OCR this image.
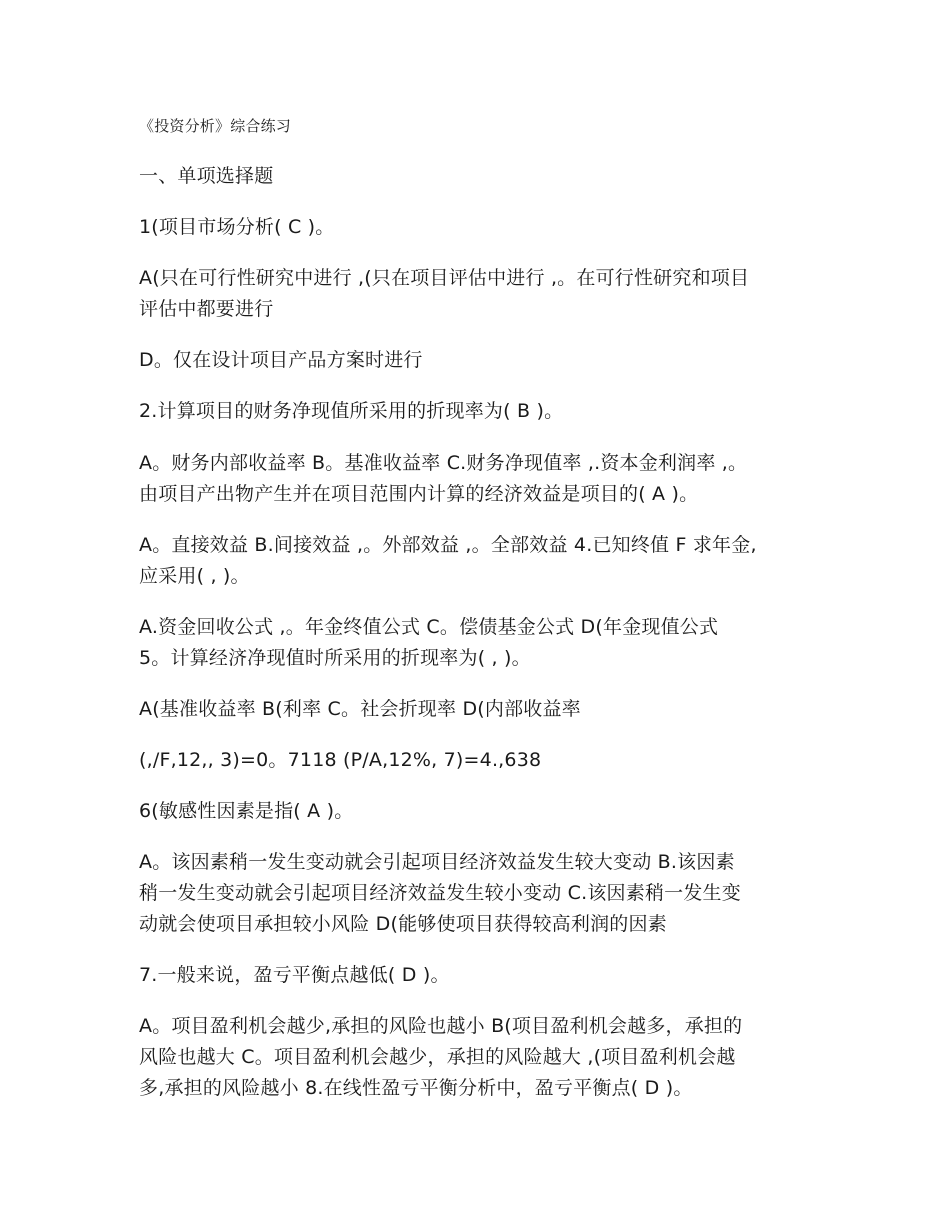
《投资分析》综合练习
一、单项选择题
1(项目市场分析( C )。
A(只在可行性研究中进行 ,(只在项目评估中进行 ,。在可行性研究和项目
评估中都要进行
D。仅在设计项目产品方案时进行
2.计算项目的财务净现值所采用的折现率为( B )。
A。财务内部收益率 B。基准收益率 C.财务净现值率 ,.资本金利润率 ,。
由项目产出物产生并在项目范围内计算的经济效益是项目的( A )。
A。直接效益 B.间接效益 ,。外部效益 ,。全部效益 4.已知终值 F 求年金,
应采用( , )。
A.资金回收公式 ,。年金终值公式 C。偿债基金公式 D(年金现值公式
5。计算经济净现值时所采用的折现率为( , )。
A(基准收益率 B(利率 C。社会折现率 D(内部收益率
(,/F,12,, 3)=0。7118 (P/A,12%, 7)=4.,638
6(敏感性因素是指( A )。
A。该因素稍一发生变动就会引起项目经济效益发生较大变动 B.该因素
稍一发生变动就会引起项目经济效益发生较小变动 C.该因素稍一发生变
动就会使项目承担较小风险 D(能够使项目获得较高利润的因素
7.一般来说，盈亏平衡点越低( D )。
A。项目盈利机会越少,承担的风险也越小 B(项目盈利机会越多，承担的
风险也越大 C。项目盈利机会越少，承担的风险越大 ,(项目盈利机会越
多,承担的风险越小 8.在线性盈亏平衡分析中，盈亏平衡点( D )。
